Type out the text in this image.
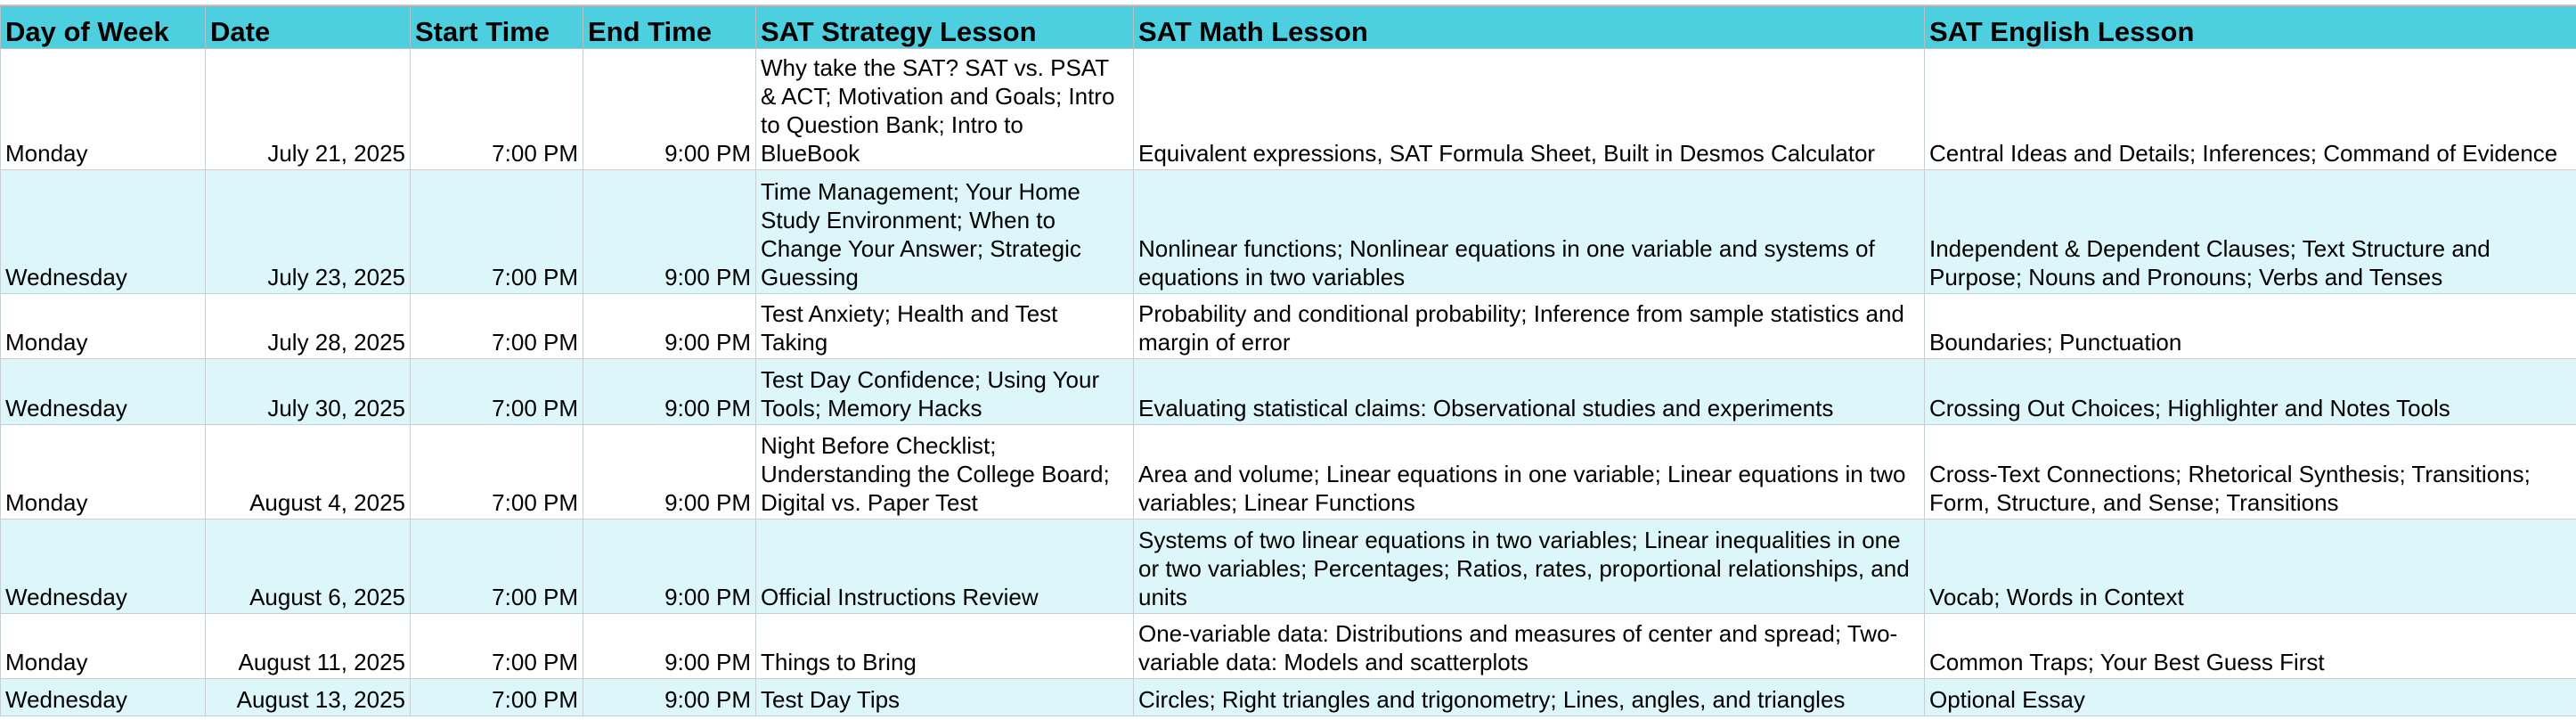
Day of Week	Date	Start Time	End Time	SAT Strategy Lesson	SAT Math Lesson	SAT English Lesson
Monday	July 21, 2025	7:00 PM	9:00 PM	Why take the SAT? SAT vs. PSAT & ACT; Motivation and Goals; Intro to Question Bank; Intro to BlueBook	Equivalent expressions, SAT Formula Sheet, Built in Desmos Calculator	Central Ideas and Details; Inferences; Command of Evidence
Wednesday	July 23, 2025	7:00 PM	9:00 PM	Time Management; Your Home Study Environment; When to Change Your Answer; Strategic Guessing	Nonlinear functions; Nonlinear equations in one variable and systems of equations in two variables	Independent & Dependent Clauses; Text Structure and Purpose; Nouns and Pronouns; Verbs and Tenses
Monday	July 28, 2025	7:00 PM	9:00 PM	Test Anxiety; Health and Test Taking	Probability and conditional probability; Inference from sample statistics and margin of error	Boundaries; Punctuation
Wednesday	July 30, 2025	7:00 PM	9:00 PM	Test Day Confidence; Using Your Tools; Memory Hacks	Evaluating statistical claims: Observational studies and experiments	Crossing Out Choices; Highlighter and Notes Tools
Monday	August 4, 2025	7:00 PM	9:00 PM	Night Before Checklist; Understanding the College Board; Digital vs. Paper Test	Area and volume; Linear equations in one variable; Linear equations in two variables; Linear Functions	Cross-Text Connections; Rhetorical Synthesis; Transitions; Form, Structure, and Sense; Transitions
Wednesday	August 6, 2025	7:00 PM	9:00 PM	Official Instructions Review	Systems of two linear equations in two variables; Linear inequalities in one or two variables; Percentages; Ratios, rates, proportional relationships, and units	Vocab; Words in Context
Monday	August 11, 2025	7:00 PM	9:00 PM	Things to Bring	One-variable data: Distributions and measures of center and spread; Two-variable data: Models and scatterplots	Common Traps; Your Best Guess First
Wednesday	August 13, 2025	7:00 PM	9:00 PM	Test Day Tips	Circles; Right triangles and trigonometry; Lines, angles, and triangles	Optional Essay
